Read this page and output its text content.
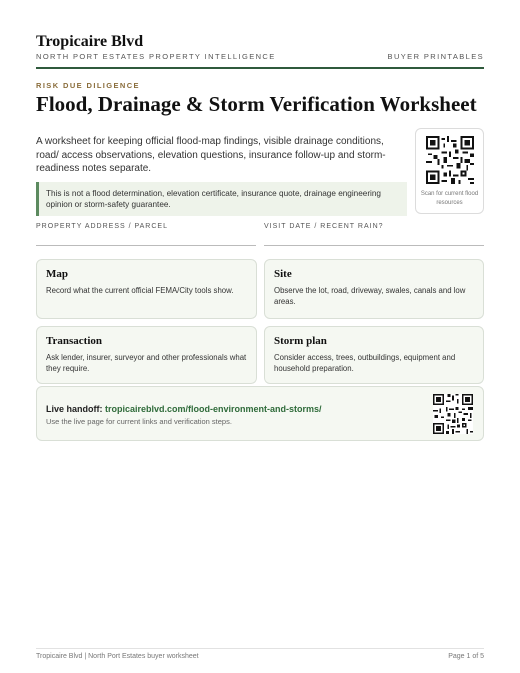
Tropicaire Blvd
NORTH PORT ESTATES PROPERTY INTELLIGENCE	BUYER PRINTABLES
RISK DUE DILIGENCE
Flood, Drainage & Storm Verification Worksheet
A worksheet for keeping official flood-map findings, visible drainage conditions, road/ access observations, elevation questions, insurance follow-up and storm-readiness notes separate.
Scan for current flood resources
This is not a flood determination, elevation certificate, insurance quote, drainage engineering opinion or storm-safety guarantee.
PROPERTY ADDRESS / PARCEL	VISIT DATE / RECENT RAIN?
Map

Record what the current official FEMA/City tools show.

Site

Observe the lot, road, driveway, swales, canals and low areas.

Transaction

Ask lender, insurer, surveyor and other professionals what they require.

Storm plan

Consider access, trees, outbuildings, equipment and household preparation.

Live handoff: tropicaireblvd.com/flood-environment-and-storms/
Use the live page for current links and verification steps.
Tropicaire Blvd | North Port Estates buyer worksheet	Page 1 of 5
